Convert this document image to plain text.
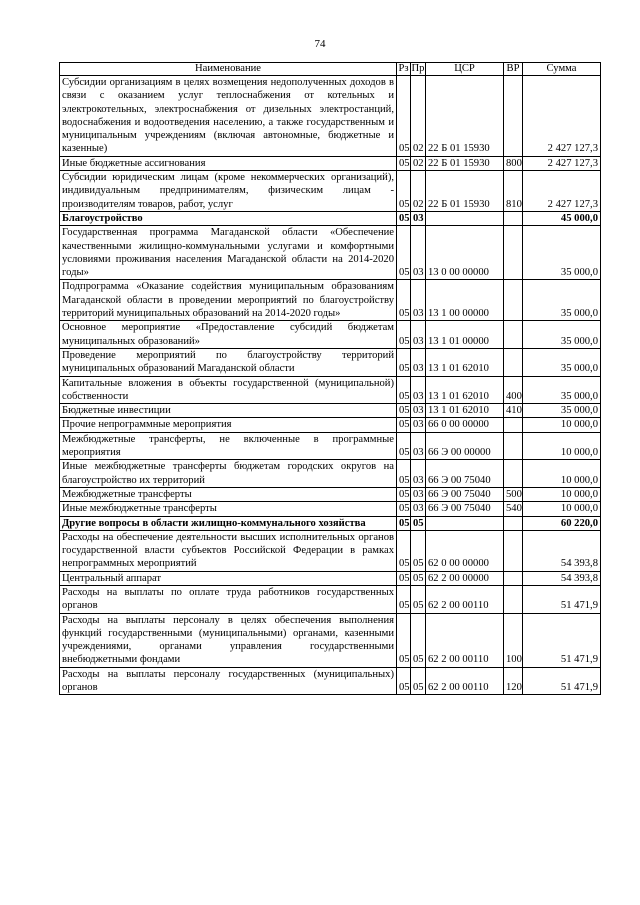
74
Наименование	Рз	Пр	ЦСР	ВР	Сумма
Субсидии организациям в целях возмещения недополученных доходов в связи с оказанием услуг теплоснабжения от котельных и электрокотельных, электроснабжения от дизельных электростанций, водоснабжения и водоотведения населению, а также государственным и муниципальным учреждениям (включая автономные, бюджетные и казенные)	05	02	22 Б 01 15930		2 427 127,3
Иные бюджетные ассигнования	05	02	22 Б 01 15930	800	2 427 127,3
Субсидии юридическим лицам (кроме некоммерческих организаций), индивидуальным предпринимателям, физическим лицам - производителям товаров, работ, услуг	05	02	22 Б 01 15930	810	2 427 127,3
Благоустройство	05	03			45 000,0
Государственная программа Магаданской области «Обеспечение качественными жилищно-коммунальными услугами и комфортными условиями проживания населения Магаданской области на 2014-2020 годы»	05	03	13 0 00 00000		35 000,0
Подпрограмма «Оказание содействия муниципальным образованиям Магаданской области в проведении мероприятий по благоустройству территорий муниципальных образований на 2014-2020 годы»	05	03	13 1 00 00000		35 000,0
Основное мероприятие «Предоставление субсидий бюджетам муниципальных образований»	05	03	13 1 01 00000		35 000,0
Проведение мероприятий по благоустройству территорий муниципальных образований Магаданской области	05	03	13 1 01 62010		35 000,0
Капитальные вложения в объекты государственной (муниципальной) собственности	05	03	13 1 01 62010	400	35 000,0
Бюджетные инвестиции	05	03	13 1 01 62010	410	35 000,0
Прочие непрограммные мероприятия	05	03	66 0 00 00000		10 000,0
Межбюджетные трансферты, не включенные в программные мероприятия	05	03	66 Э 00 00000		10 000,0
Иные межбюджетные трансферты бюджетам городских округов на благоустройство их территорий	05	03	66 Э 00 75040		10 000,0
Межбюджетные трансферты	05	03	66 Э 00 75040	500	10 000,0
Иные межбюджетные трансферты	05	03	66 Э 00 75040	540	10 000,0
Другие вопросы в области жилищно-коммунального хозяйства	05	05			60 220,0
Расходы на обеспечение деятельности высших исполнительных органов государственной власти субъектов Российской Федерации в рамках непрограммных мероприятий	05	05	62 0 00 00000		54 393,8
Центральный аппарат	05	05	62 2 00 00000		54 393,8
Расходы на выплаты по оплате труда работников государственных органов	05	05	62 2 00 00110		51 471,9
Расходы на выплаты персоналу в целях обеспечения выполнения функций государственными (муниципальными) органами, казенными учреждениями, органами управления государственными внебюджетными фондами	05	05	62 2 00 00110	100	51 471,9
Расходы на выплаты персоналу государственных (муниципальных) органов	05	05	62 2 00 00110	120	51 471,9
